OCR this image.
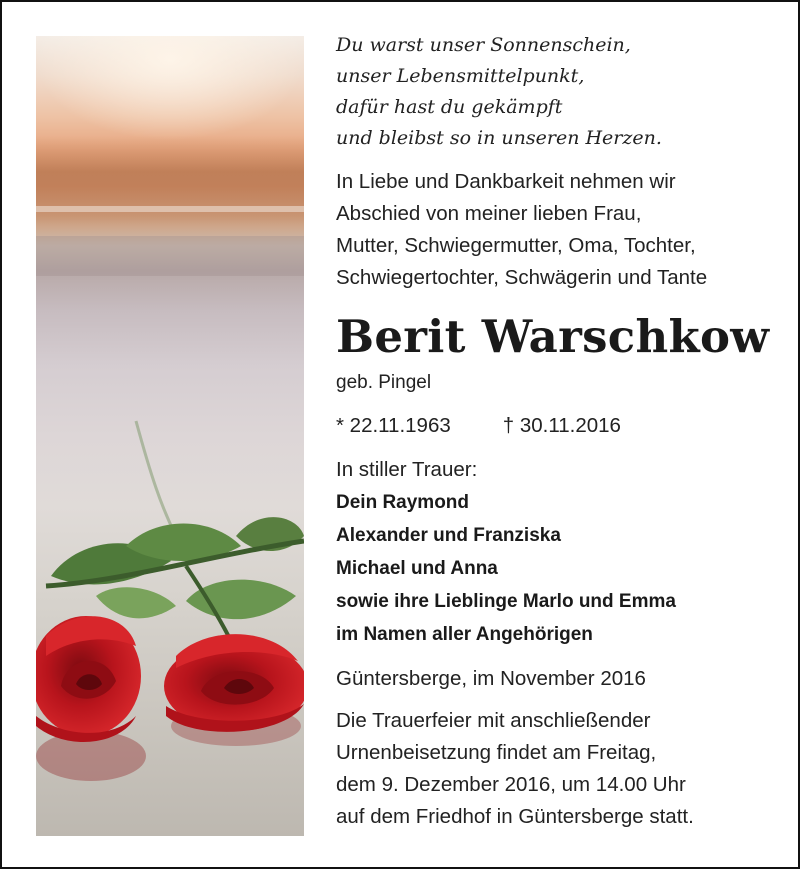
Du warst unser Sonnenschein,

unser Lebensmittelpunkt,

dafür hast du gekämpft

und bleibst so in unseren Herzen.

In Liebe und Dankbarkeit nehmen wir

Abschied von meiner lieben Frau,

Mutter, Schwiegermutter, Oma, Tochter,

Schwiegertochter, Schwägerin und Tante

Berit Warschkow

geb. Pingel

* 22.11.1963	† 30.11.2016

In stiller Trauer:

Dein Raymond

Alexander und Franziska

Michael und Anna

sowie ihre Lieblinge Marlo und Emma

im Namen aller Angehörigen

Güntersberge, im November 2016

Die Trauerfeier mit anschließender

Urnenbeisetzung findet am Freitag,

dem 9. Dezember 2016, um 14.00 Uhr

auf dem Friedhof in Güntersberge statt.
